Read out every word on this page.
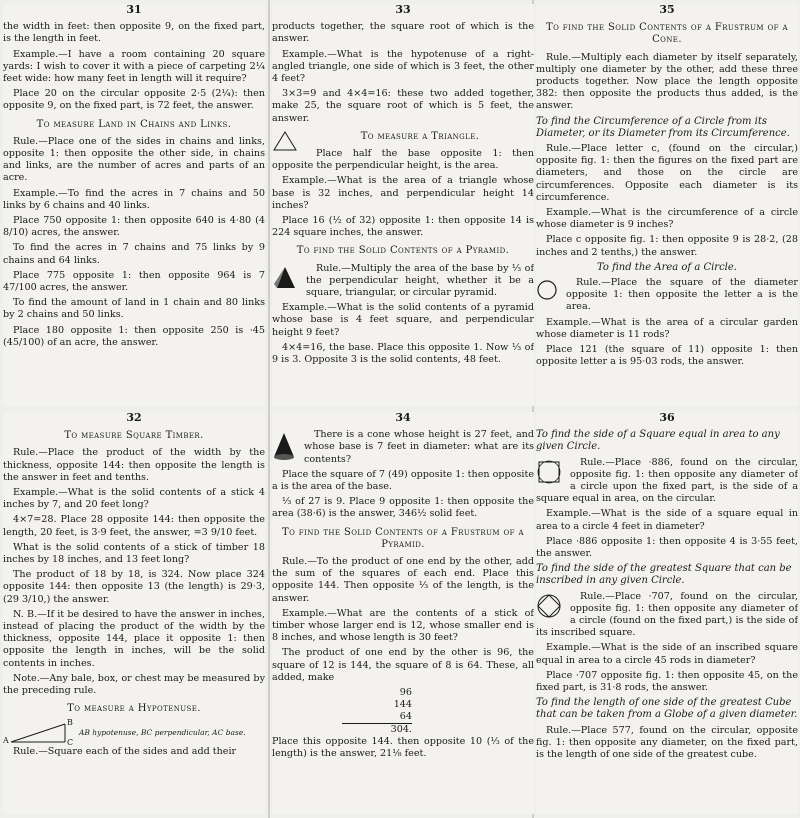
31

the width in feet: then opposite 9, on the fixed part, is the length in feet.

Example.—I have a room containing 20 square yards: I wish to cover it with a piece of carpeting 2¼ feet wide: how many feet in length will it require?

Place 20 on the circular opposite 2·5 (2¼): then opposite 9, on the fixed part, is 72 feet, the answer.

To measure Land in Chains and Links.

Rule.—Place one of the sides in chains and links, opposite 1: then opposite the other side, in chains and links, are the number of acres and parts of an acre.

Example.—To find the acres in 7 chains and 50 links by 6 chains and 40 links.

Place 750 opposite 1: then opposite 640 is 4·80 (4 8/10) acres, the answer.

To find the acres in 7 chains and 75 links by 9 chains and 64 links.

Place 775 opposite 1: then opposite 964 is 7 47/100 acres, the answer.

To find the amount of land in 1 chain and 80 links by 2 chains and 50 links.

Place 180 opposite 1: then opposite 250 is ·45 (45/100) of an acre, the answer.

33

products together, the square root of which is the answer.

Example.—What is the hypotenuse of a right-angled triangle, one side of which is 3 feet, the other 4 feet?

3×3=9 and 4×4=16: these two added together, make 25, the square root of which is 5 feet, the answer.

To measure a Triangle.

Place half the base opposite 1: then opposite the perpendicular height, is the area.

Example.—What is the area of a triangle whose base is 32 inches, and perpendicular height 14 inches?

Place 16 (½ of 32) opposite 1: then opposite 14 is 224 square inches, the answer.

To find the Solid Contents of a Pyramid.

Rule.—Multiply the area of the base by ⅓ of the perpendicular height, whether it be a square, triangular, or circular pyramid.

Example.—What is the solid contents of a pyramid whose base is 4 feet square, and perpendicular height 9 feet?

4×4=16, the base. Place this opposite 1. Now ⅓ of 9 is 3. Opposite 3 is the solid contents, 48 feet.

35
To find the Solid Contents of a Frustrum of a Cone.

Rule.—Multiply each diameter by itself separately, multiply one diameter by the other, add these three products together. Now place the length opposite 382: then opposite the products thus added, is the answer.

To find the Circumference of a Circle from its Diameter, or its Diameter from its Circumference.

Rule.—Place letter c, (found on the circular,) opposite fig. 1: then the figures on the fixed part are diameters, and those on the circle are circumferences. Opposite each diameter is its circumference.

Example.—What is the circumference of a circle whose diameter is 9 inches?

Place c opposite fig. 1: then opposite 9 is 28·2, (28 inches and 2 tenths,) the answer.

To find the Area of a Circle.

Rule.—Place the square of the diameter opposite 1: then opposite the letter a is the area.

Example.—What is the area of a circular garden whose diameter is 11 rods?

Place 121 (the square of 11) opposite 1: then opposite letter a is 95·03 rods, the answer.

32
To measure Square Timber.

Rule.—Place the product of the width by the thickness, opposite 144: then opposite the length is the answer in feet and tenths.

Example.—What is the solid contents of a stick 4 inches by 7, and 20 feet long?

4×7=28. Place 28 opposite 144: then opposite the length, 20 feet, is 3·9 feet, the answer, =3 9/10 feet.

What is the solid contents of a stick of timber 18 inches by 18 inches, and 13 feet long?

The product of 18 by 18, is 324. Now place 324 opposite 144: then opposite 13 (the length) is 29·3, (29 3/10,) the answer.

N. B.—If it be desired to have the answer in inches, instead of placing the product of the width by the thickness, opposite 144, place it opposite 1: then opposite the length in inches, will be the solid contents in inches.

Note.—Any bale, box, or chest may be measured by the preceding rule.

To measure a Hypotenuse.
A
B
C
AB hypotenuse, BC perpendicular, AC base.

Rule.—Square each of the sides and add their

34

There is a cone whose height is 27 feet, and whose base is 7 feet in diameter: what are its contents?

Place the square of 7 (49) opposite 1: then opposite a is the area of the base.

⅓ of 27 is 9. Place 9 opposite 1: then opposite the area (38·6) is the answer, 346½ solid feet.

To find the Solid Contents of a Frustrum of a Pyramid.

Rule.—To the product of one end by the other, add the sum of the squares of each end. Place this opposite 144. Then opposite ⅓ of the length, is the answer.

Example.—What are the contents of a stick of timber whose larger end is 12, whose smaller end is 8 inches, and whose length is 30 feet?

The product of one end by the other is 96, the square of 12 is 144, the square of 8 is 64. These, all added, make

96
144
64
304.

Place this opposite 144. then opposite 10 (⅓ of the length) is the answer, 21⅛ feet.

36
To find the side of a Square equal in area to any given Circle.

Rule.—Place ·886, found on the circular, opposite fig. 1: then opposite any diameter of a circle upon the fixed part, is the side of a square equal in area, on the circular.

Example.—What is the side of a square equal in area to a circle 4 feet in diameter?

Place ·886 opposite 1: then opposite 4 is 3·55 feet, the answer.

To find the side of the greatest Square that can be inscribed in any given Circle.

Rule.—Place ·707, found on the circular, opposite fig. 1: then opposite any diameter of a circle (found on the fixed part,) is the side of its inscribed square.

Example.—What is the side of an inscribed square equal in area to a circle 45 rods in diameter?

Place ·707 opposite fig. 1: then opposite 45, on the fixed part, is 31·8 rods, the answer.

To find the length of one side of the greatest Cube that can be taken from a Globe of a given diameter.

Rule.—Place 577, found on the circular, opposite fig. 1: then opposite any diameter, on the fixed part, is the length of one side of the greatest cube.
